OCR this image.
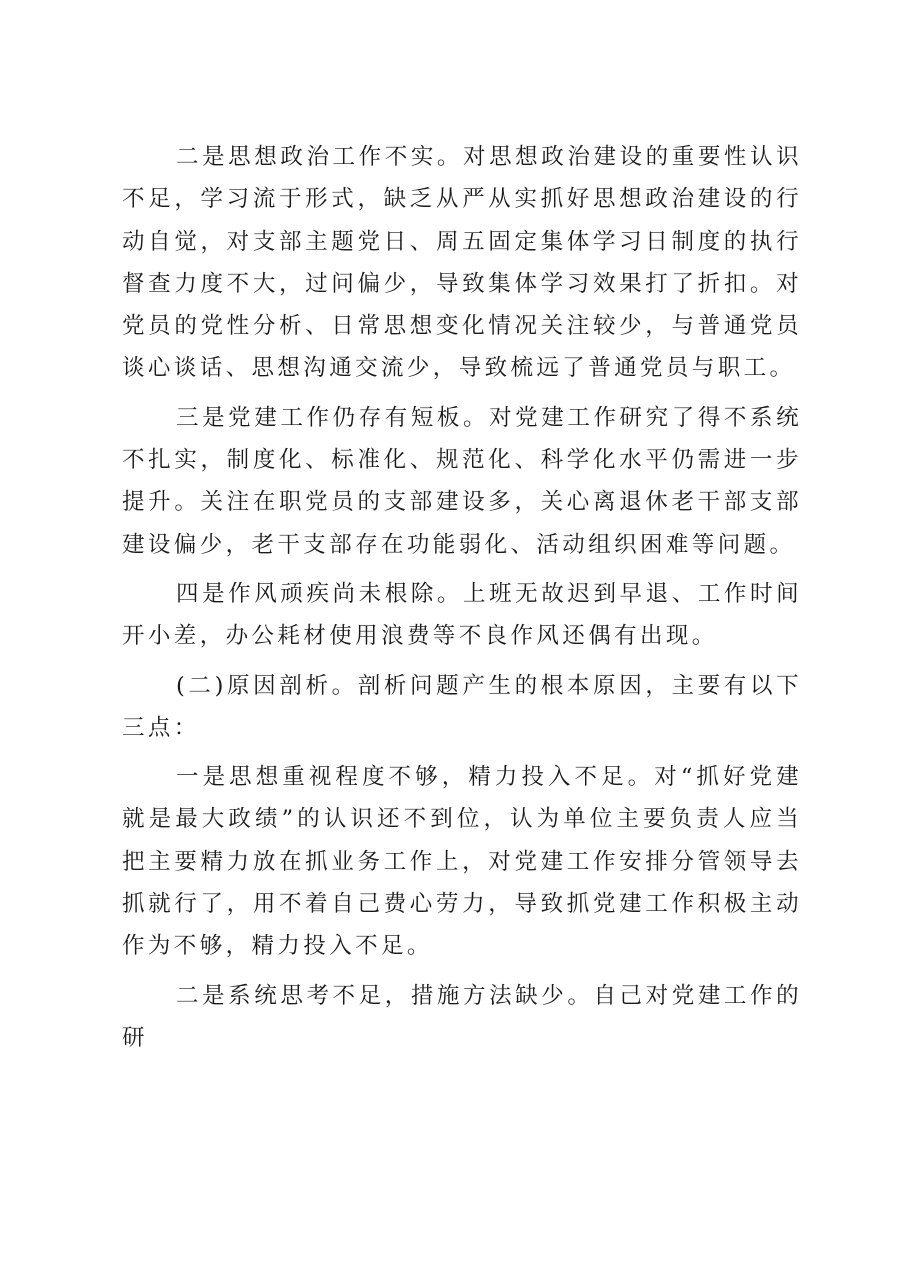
二是思想政治工作不实。对思想政治建设的重要性认识不足，学习流于形式，缺乏从严从实抓好思想政治建设的行动自觉，对支部主题党日、周五固定集体学习日制度的执行督查力度不大，过问偏少，导致集体学习效果打了折扣。对党员的党性分析、日常思想变化情况关注较少，与普通党员谈心谈话、思想沟通交流少，导致梳远了普通党员与职工。

三是党建工作仍存有短板。对党建工作研究了得不系统不扎实，制度化、标准化、规范化、科学化水平仍需进一步提升。关注在职党员的支部建设多，关心离退休老干部支部建设偏少，老干支部存在功能弱化、活动组织困难等问题。

四是作风顽疾尚未根除。上班无故迟到早退、工作时间开小差，办公耗材使用浪费等不良作风还偶有出现。

(二)原因剖析。剖析问题产生的根本原因，主要有以下三点：

一是思想重视程度不够，精力投入不足。对“抓好党建就是最大政绩”的认识还不到位，认为单位主要负责人应当把主要精力放在抓业务工作上，对党建工作安排分管领导去抓就行了，用不着自己费心劳力，导致抓党建工作积极主动作为不够，精力投入不足。

二是系统思考不足，措施方法缺少。自己对党建工作的研
